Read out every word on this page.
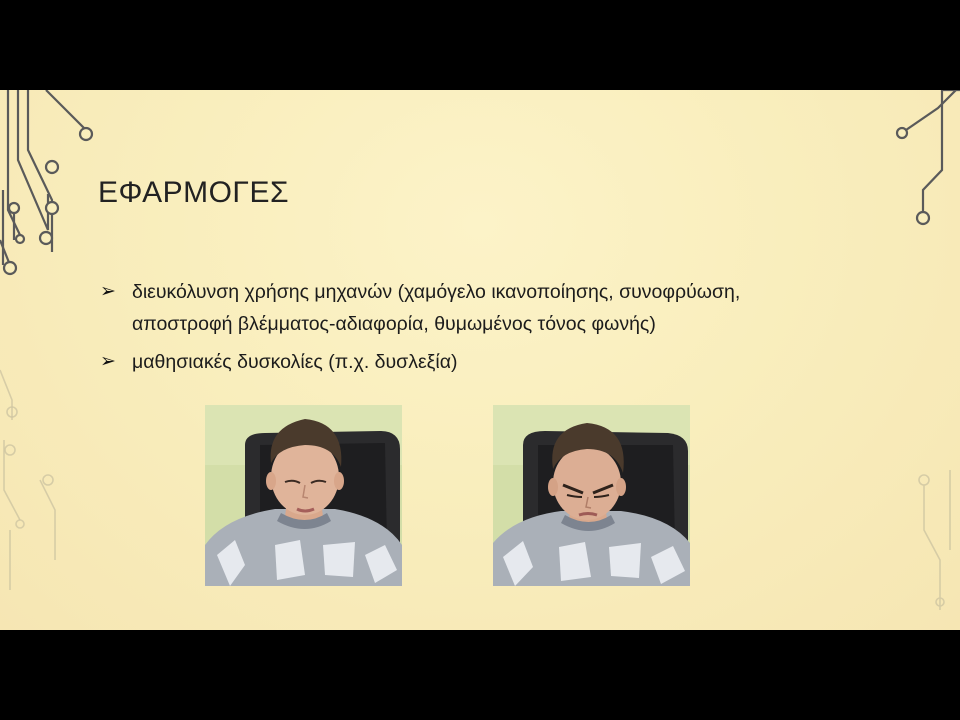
ΕΦΑΡΜΟΓΕΣ
➢ διευκόλυνση χρήσης μηχανών (χαμόγελο ικανοποίησης, συνοφρύωση,
αποστροφή βλέμματος-αδιαφορία, θυμωμένος τόνος φωνής)
➢ μαθησιακές δυσκολίες (π.χ. δυσλεξία)
